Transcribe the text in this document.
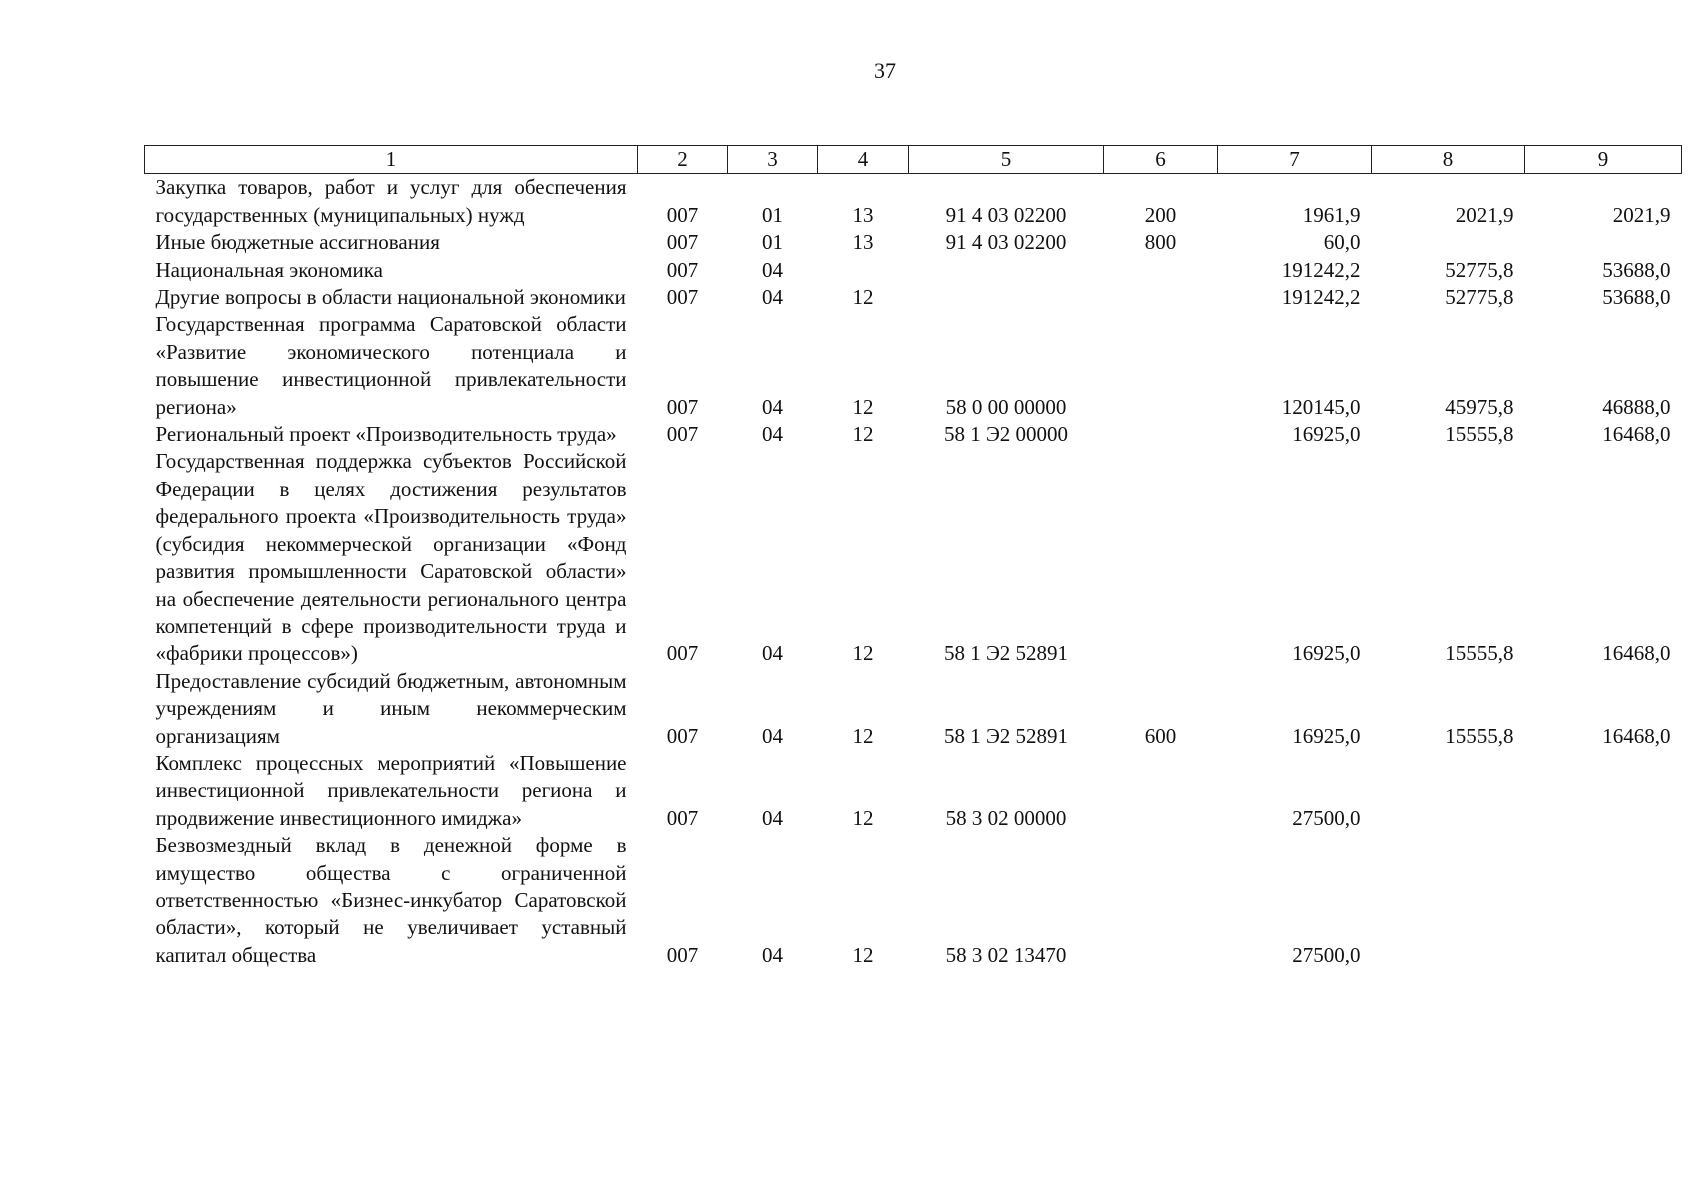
37
1	2	3	4	5	6	7	8	9
Закупка товаров, работ и услуг для обеспечения государственных (муниципальных) нужд	007	01	13	91 4 03 02200	200	1961,9	2021,9	2021,9
Иные бюджетные ассигнования	007	01	13	91 4 03 02200	800	60,0		
Национальная экономика	007	04				191242,2	52775,8	53688,0
Другие вопросы в области национальной экономики	007	04	12			191242,2	52775,8	53688,0
Государственная программа Саратовской области «Развитие экономического потенциала и повышение инвестиционной привлекательности региона»	007	04	12	58 0 00 00000		120145,0	45975,8	46888,0
Региональный проект «Производительность труда»	007	04	12	58 1 Э2 00000		16925,0	15555,8	16468,0
Государственная поддержка субъектов Российской Федерации в целях достижения результатов федерального проекта «Производительность труда» (субсидия некоммерческой организации «Фонд развития промышленности Саратовской области» на обеспечение деятельности регионального центра компетенций в сфере производительности труда и «фабрики процессов»)	007	04	12	58 1 Э2 52891		16925,0	15555,8	16468,0
Предоставление субсидий бюджетным, автономным учреждениям и иным некоммерческим организациям	007	04	12	58 1 Э2 52891	600	16925,0	15555,8	16468,0
Комплекс процессных мероприятий «Повышение инвестиционной привлекательности региона и продвижение инвестиционного имиджа»	007	04	12	58 3 02 00000		27500,0		
Безвозмездный вклад в денежной форме в имущество общества с ограниченной ответственностью «Бизнес-инкубатор Саратовской области», который не увеличивает уставный капитал общества	007	04	12	58 3 02 13470		27500,0		
